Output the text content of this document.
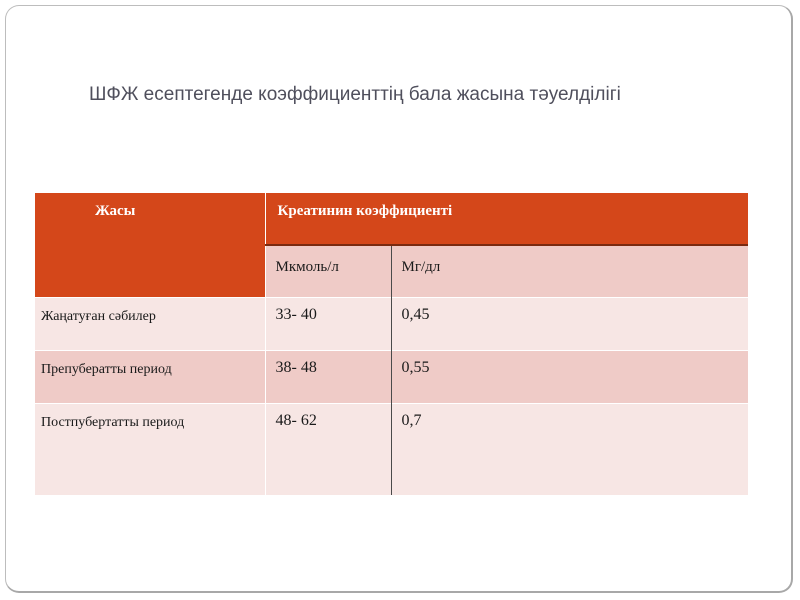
ШФЖ есептегенде коэффициенттің бала жасына тәуелділігі
Жасы	Креатинин коэффициенті	
	Мкмоль/л	Мг/дл
Жаңатуған сәбилер	33- 40	0,45
Препубератты период	38- 48	0,55
Постпубертатты период	48- 62	0,7
